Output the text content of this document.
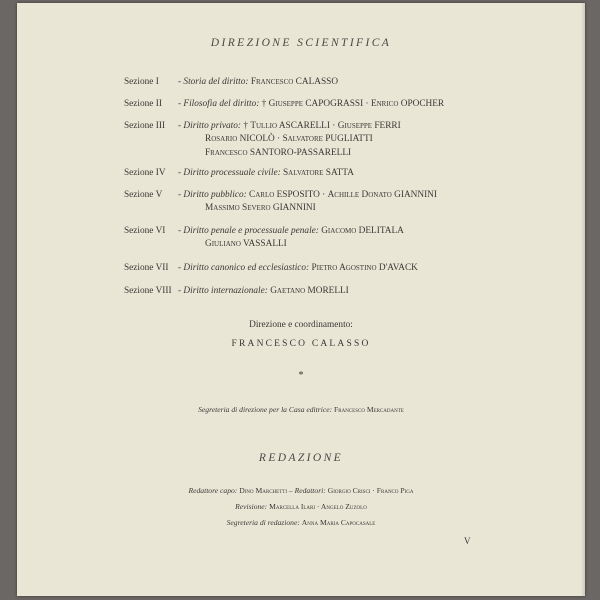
DIREZIONE SCIENTIFICA
Sezione I - Storia del diritto: Francesco CALASSO
Sezione II - Filosofia del diritto: † Giuseppe CAPOGRASSI · Enrico OPOCHER
Sezione III - Diritto privato: † Tullio ASCARELLI · Giuseppe FERRI
Rosario NICOLÒ · Salvatore PUGLIATTI
Francesco SANTORO-PASSARELLI
Sezione IV - Diritto processuale civile: Salvatore SATTA
Sezione V - Diritto pubblico: Carlo ESPOSITO · Achille Donato GIANNINI
Massimo Severo GIANNINI
Sezione VI - Diritto penale e processuale penale: Giacomo DELITALA
Giuliano VASSALLI
Sezione VII - Diritto canonico ed ecclesiastico: Pietro Agostino D'AVACK
Sezione VIII - Diritto internazionale: Gaetano MORELLI
Direzione e coordinamento:
FRANCESCO CALASSO
*
Segreteria di direzione per la Casa editrice: Francesco Mercadante
REDAZIONE
Redattore capo: Dino Marchetti – Redattori: Giorgio Crisci · Franco Piga
Revisione: Marcella Ilari · Angelo Zuzolo
Segreteria di redazione: Anna Maria Capocasale
V
